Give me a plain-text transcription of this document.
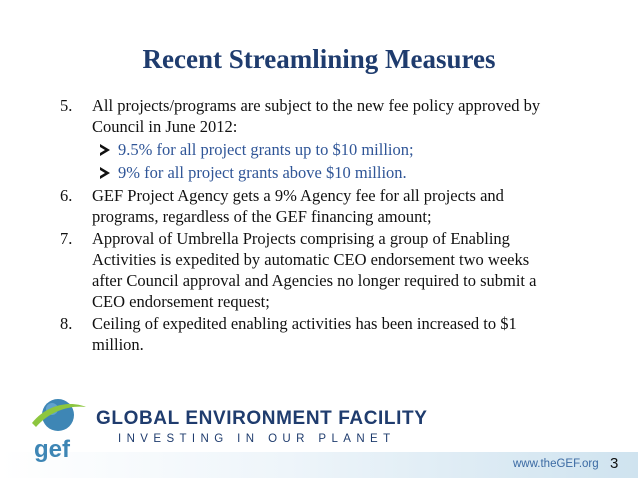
Recent Streamlining Measures
5. All projects/programs are subject to the new fee policy approved by
Council in June 2012:
9.5% for all project grants up to $10 million;
9% for all project grants above $10 million.
6. GEF Project Agency gets a 9% Agency fee for all projects and
programs, regardless of the GEF financing amount;
7. Approval of Umbrella Projects comprising a group of Enabling
Activities is expedited by automatic CEO endorsement two weeks
after Council approval and Agencies no longer required to submit a
CEO endorsement request;
8. Ceiling of expedited enabling activities has been increased to $1
million.
gef
GLOBAL ENVIRONMENT FACILITY
INVESTING IN OUR PLANET
www.theGEF.org 3
